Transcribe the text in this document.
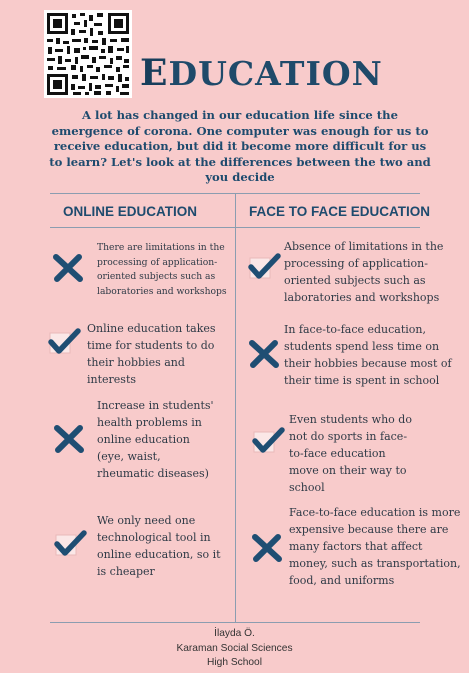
EDUCATION
A lot has changed in our education life since the emergence of corona. One computer was enough for us to receive education, but did it become more difficult for us to learn? Let's look at the differences between the two and you decide
ONLINE EDUCATION	FACE TO FACE EDUCATION
There are limitations in the processing of application-oriented subjects such as laboratories and workshops
Absence of limitations in the processing of application-oriented subjects such as laboratories and workshops
Online education takes time for students to do their hobbies and interests
In face-to-face education, students spend less time on their hobbies because most of their time is spent in school
Increase in students' health problems in online education (eye, waist, rheumatic diseases)
Even students who do not do sports in face-to-face education move on their way to school
We only need one technological tool in online education, so it is cheaper
Face-to-face education is more expensive because there are many factors that affect money, such as transportation, food, and uniforms
İlayda Ö.
Karaman Social Sciences
High School
